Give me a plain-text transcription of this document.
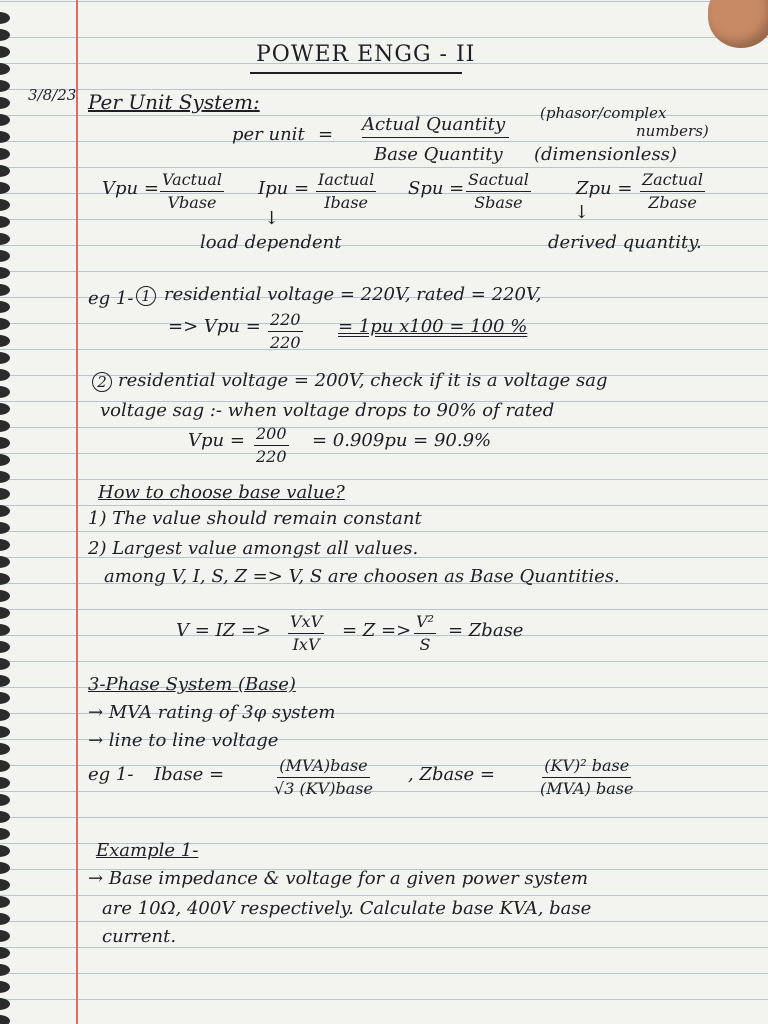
POWER ENGG - II
3/8/23 Per Unit System:
per unit = Actual Quantity
(phasor/complex
numbers)
Base Quantity (dimensionless)
Vpu = Vactual
Vbase
Ipu = Iactual
Ibase
Spu = Sactual
Sbase
Zpu = Zactual
Zbase
↓	↓
load dependent	derived quantity.
eg 1- 1 residential voltage = 220V, rated = 220V,
=> Vpu = $\frac{220}{220} = 1pu$ x100 = 100 %
2 residential voltage = 200V, check if it is a voltage sag
voltage sag :- when voltage drops to 90% of rated
Vpu = $\frac{200}{220} = 0.909pu = 90.9\%$
How to choose base value?
1) The value should remain constant
2) Largest value amongst all values.
among V, I, S, Z => V, S are choosen as Base Quantities.
V = IZ => VxV
IxV
= $Z => \frac{\text{V²}}{S}$ = Zbase
3-Phase System (Base)
→ MVA rating of 3φ system
→ line to line voltage
eg 1- Ibase =	(MVA)base
√3 (KV)base
, Zbase =	(KV)² base
(MVA) base
Example 1-
→ Base impedance & voltage for a given power system
are 10Ω, 400V respectively. Calculate base KVA, base
current.
